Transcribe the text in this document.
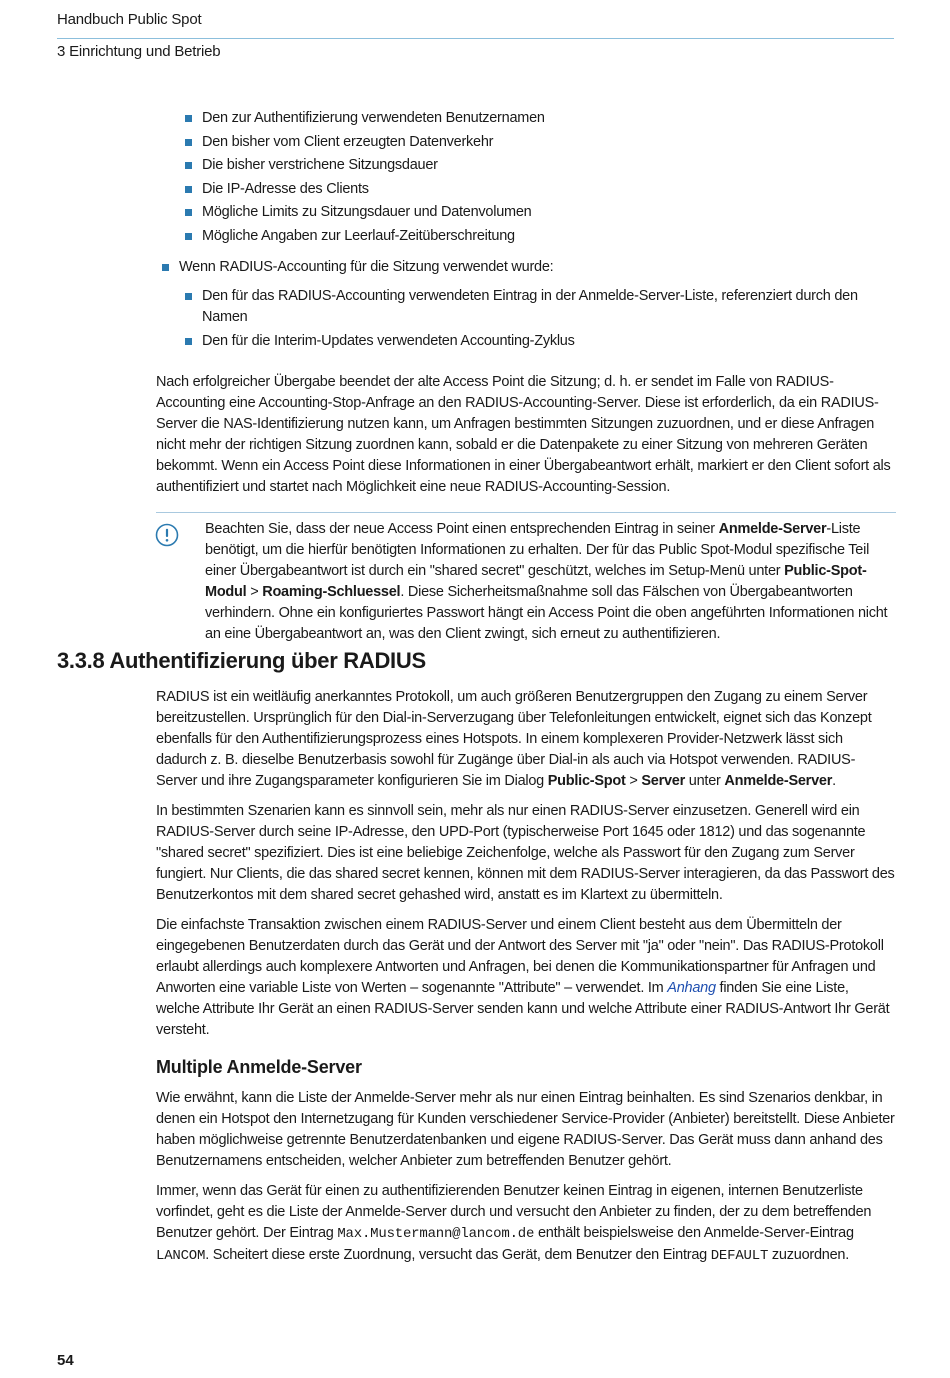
Handbuch Public Spot
3 Einrichtung und Betrieb
Den zur Authentifizierung verwendeten Benutzernamen
Den bisher vom Client erzeugten Datenverkehr
Die bisher verstrichene Sitzungsdauer
Die IP-Adresse des Clients
Mögliche Limits zu Sitzungsdauer und Datenvolumen
Mögliche Angaben zur Leerlauf-Zeitüberschreitung
Wenn RADIUS-Accounting für die Sitzung verwendet wurde:
Den für das RADIUS-Accounting verwendeten Eintrag in der Anmelde-Server-Liste, referenziert durch den Namen
Den für die Interim-Updates verwendeten Accounting-Zyklus

Nach erfolgreicher Übergabe beendet der alte Access Point die Sitzung; d. h. er sendet im Falle von RADIUS-Accounting eine Accounting-Stop-Anfrage an den RADIUS-Accounting-Server. Diese ist erforderlich, da ein RADIUS-Server die NAS-Identifizierung nutzen kann, um Anfragen bestimmten Sitzungen zuzuordnen, und er diese Anfragen nicht mehr der richtigen Sitzung zuordnen kann, sobald er die Datenpakete zu einer Sitzung von mehreren Geräten bekommt. Wenn ein Access Point diese Informationen in einer Übergabeantwort erhält, markiert er den Client sofort als authentifiziert und startet nach Möglichkeit eine neue RADIUS-Accounting-Session.

Beachten Sie, dass der neue Access Point einen entsprechenden Eintrag in seiner Anmelde-Server-Liste benötigt, um die hierfür benötigten Informationen zu erhalten. Der für das Public Spot-Modul spezifische Teil einer Übergabeantwort ist durch ein "shared secret" geschützt, welches im Setup-Menü unter Public-Spot-Modul > Roaming-Schluessel. Diese Sicherheitsmaßnahme soll das Fälschen von Übergabeantworten verhindern. Ohne ein konfiguriertes Passwort hängt ein Access Point die oben angeführten Informationen nicht an eine Übergabeantwort an, was den Client zwingt, sich erneut zu authentifizieren.

3.3.8 Authentifizierung über RADIUS

RADIUS ist ein weitläufig anerkanntes Protokoll, um auch größeren Benutzergruppen den Zugang zu einem Server bereitzustellen. Ursprünglich für den Dial-in-Serverzugang über Telefonleitungen entwickelt, eignet sich das Konzept ebenfalls für den Authentifizierungsprozess eines Hotspots. In einem komplexeren Provider-Netzwerk lässt sich dadurch z. B. dieselbe Benutzerbasis sowohl für Zugänge über Dial-in als auch via Hotspot verwenden. RADIUS-Server und ihre Zugangsparameter konfigurieren Sie im Dialog Public-Spot > Server unter Anmelde-Server.

In bestimmten Szenarien kann es sinnvoll sein, mehr als nur einen RADIUS-Server einzusetzen. Generell wird ein RADIUS-Server durch seine IP-Adresse, den UPD-Port (typischerweise Port 1645 oder 1812) und das sogenannte "shared secret" spezifiziert. Dies ist eine beliebige Zeichenfolge, welche als Passwort für den Zugang zum Server fungiert. Nur Clients, die das shared secret kennen, können mit dem RADIUS-Server interagieren, da das Passwort des Benutzerkontos mit dem shared secret gehashed wird, anstatt es im Klartext zu übermitteln.

Die einfachste Transaktion zwischen einem RADIUS-Server und einem Client besteht aus dem Übermitteln der eingegebenen Benutzerdaten durch das Gerät und der Antwort des Server mit "ja" oder "nein". Das RADIUS-Protokoll erlaubt allerdings auch komplexere Antworten und Anfragen, bei denen die Kommunikationspartner für Anfragen und Anworten eine variable Liste von Werten – sogenannte "Attribute" – verwendet. Im Anhang finden Sie eine Liste, welche Attribute Ihr Gerät an einen RADIUS-Server senden kann und welche Attribute einer RADIUS-Antwort Ihr Gerät versteht.

Multiple Anmelde-Server

Wie erwähnt, kann die Liste der Anmelde-Server mehr als nur einen Eintrag beinhalten. Es sind Szenarios denkbar, in denen ein Hotspot den Internetzugang für Kunden verschiedener Service-Provider (Anbieter) bereitstellt. Diese Anbieter haben möglichweise getrennte Benutzerdatenbanken und eigene RADIUS-Server. Das Gerät muss dann anhand des Benutzernamens entscheiden, welcher Anbieter zum betreffenden Benutzer gehört.

Immer, wenn das Gerät für einen zu authentifizierenden Benutzer keinen Eintrag in eigenen, internen Benutzerliste vorfindet, geht es die Liste der Anmelde-Server durch und versucht den Anbieter zu finden, der zu dem betreffenden Benutzer gehört. Der Eintrag Max.Mustermann@lancom.de enthält beispielsweise den Anmelde-Server-Eintrag LANCOM. Scheitert diese erste Zuordnung, versucht das Gerät, dem Benutzer den Eintrag DEFAULT zuzuordnen.

54
